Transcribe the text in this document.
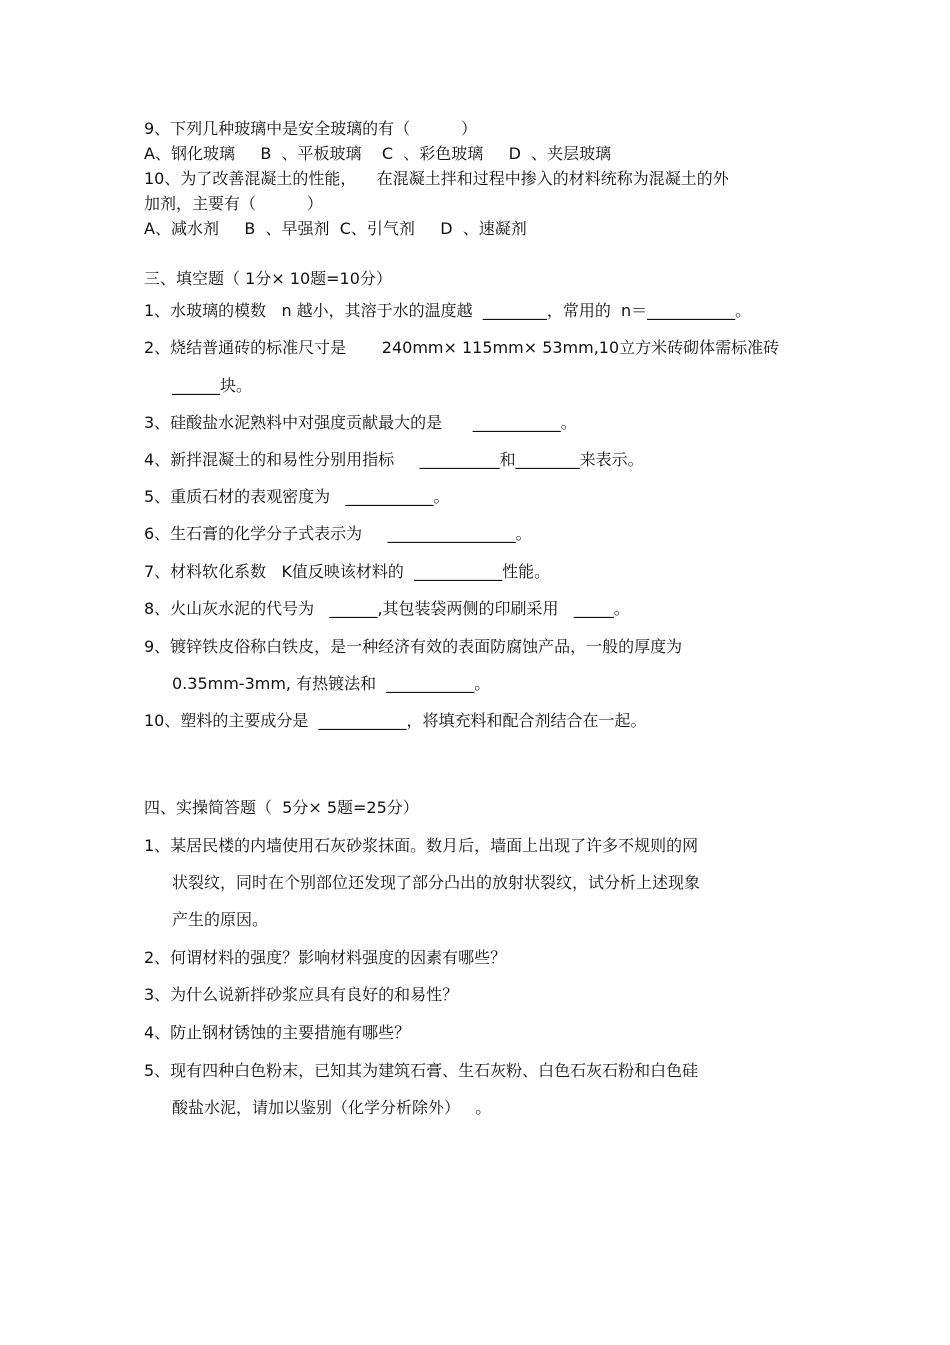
9、下列几种玻璃中是安全玻璃的有（          ）
A、钢化玻璃     B  、平板玻璃    C  、彩色玻璃     D  、夹层玻璃
10、为了改善混凝土的性能，    在混凝土拌和过程中掺入的材料统称为混凝土的外
加剂，主要有（          ）
A、减水剂     B  、早强剂  C、引气剂     D  、速凝剂
三、填空题（ 1分× 10题=10分）
1、水玻璃的模数   n 越小，其溶于水的温度越  ________，常用的  n＝___________。
2、烧结普通砖的标准尺寸是       240mm× 115mm× 53mm,10立方米砖砌体需标准砖
______块。
3、硅酸盐水泥熟料中对强度贡献最大的是      ___________。
4、新拌混凝土的和易性分别用指标     __________和________来表示。
5、重质石材的表观密度为   ___________。
6、生石膏的化学分子式表示为     ________________。
7、材料软化系数   K值反映该材料的  ___________性能。
8、火山灰水泥的代号为   ______,其包装袋两侧的印刷采用   _____。
9、镀锌铁皮俗称白铁皮，是一种经济有效的表面防腐蚀产品，一般的厚度为
0.35mm-3mm, 有热镀法和  ___________。
10、塑料的主要成分是  ___________，将填充料和配合剂结合在一起。
四、实操简答题（  5分× 5题=25分）
1、某居民楼的内墙使用石灰砂浆抹面。数月后，墙面上出现了许多不规则的网
状裂纹，同时在个别部位还发现了部分凸出的放射状裂纹，试分析上述现象
产生的原因。
2、何谓材料的强度？影响材料强度的因素有哪些？
3、为什么说新拌砂浆应具有良好的和易性？
4、防止钢材锈蚀的主要措施有哪些？
5、现有四种白色粉末，已知其为建筑石膏、生石灰粉、白色石灰石粉和白色硅
酸盐水泥，请加以鉴别（化学分析除外）   。
